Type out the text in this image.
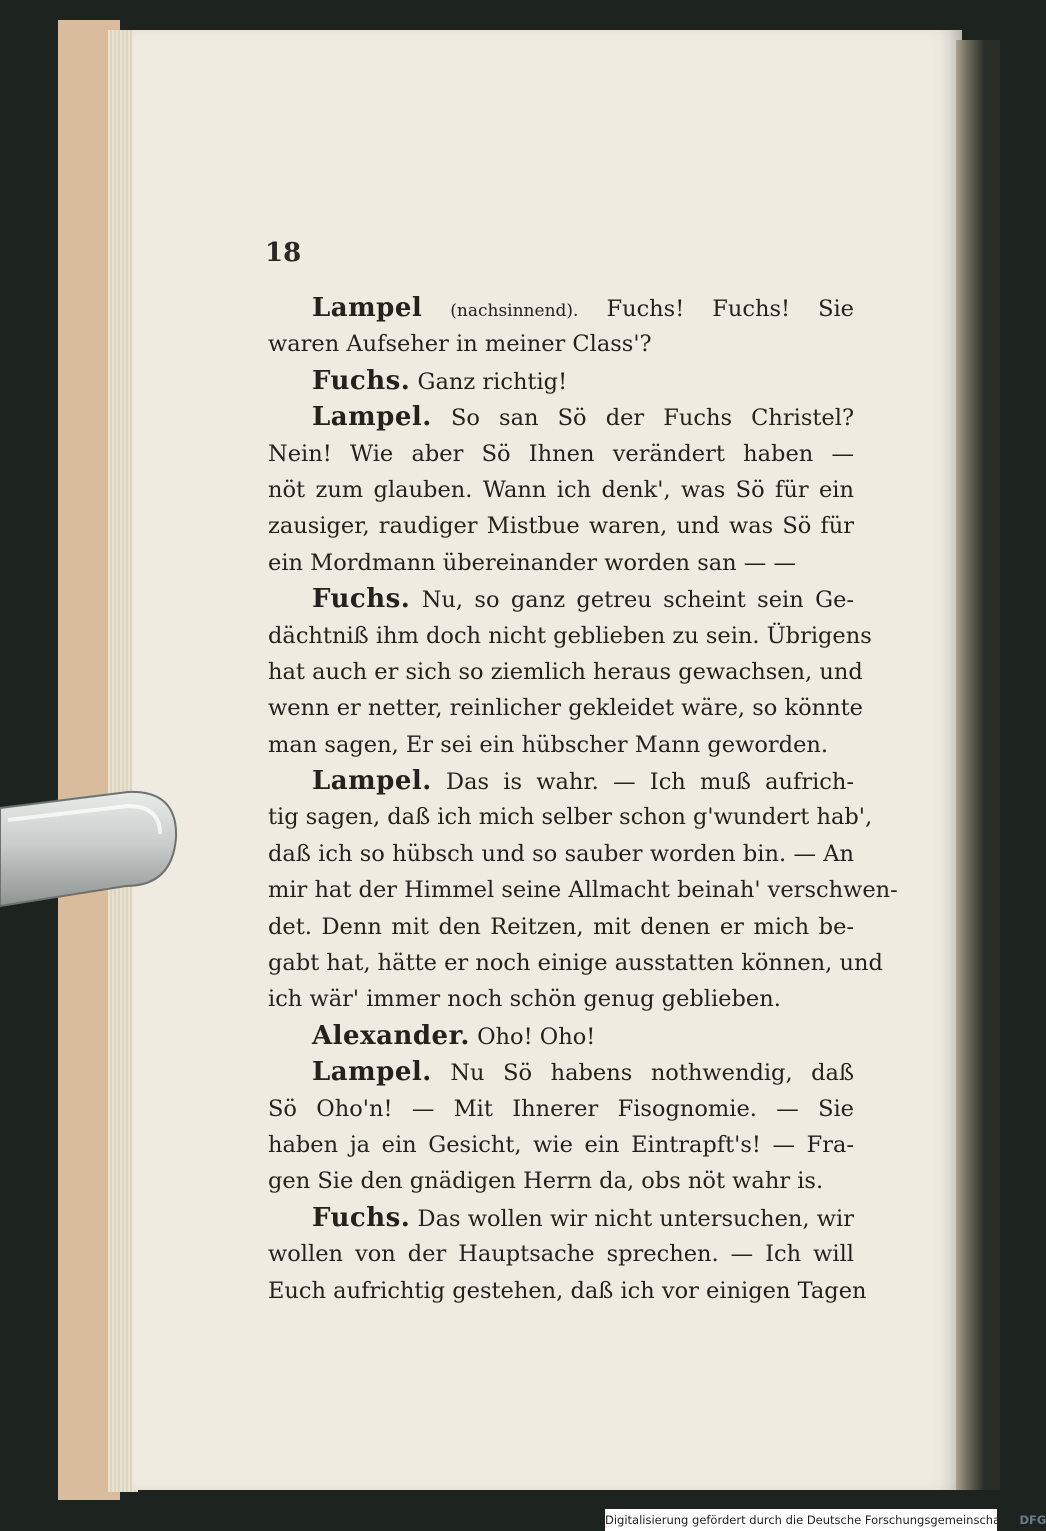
18
Lampel (nachsinnend). Fuchs! Fuchs! Sie
waren Aufseher in meiner Class'?
Fuchs. Ganz richtig!
Lampel. So san Sö der Fuchs Christel?
Nein! Wie aber Sö Ihnen verändert haben —
nöt zum glauben. Wann ich denk', was Sö für ein
zausiger, raudiger Mistbue waren, und was Sö für
ein Mordmann übereinander worden san — —
Fuchs. Nu, so ganz getreu scheint sein Ge-
dächtniß ihm doch nicht geblieben zu sein. Übrigens
hat auch er sich so ziemlich heraus gewachsen, und
wenn er netter, reinlicher gekleidet wäre, so könnte
man sagen, Er sei ein hübscher Mann geworden.
Lampel. Das is wahr. — Ich muß aufrich-
tig sagen, daß ich mich selber schon g'wundert hab',
daß ich so hübsch und so sauber worden bin. — An
mir hat der Himmel seine Allmacht beinah' verschwen-
det. Denn mit den Reitzen, mit denen er mich be-
gabt hat, hätte er noch einige ausstatten können, und
ich wär' immer noch schön genug geblieben.
Alexander. Oho! Oho!
Lampel. Nu Sö habens nothwendig, daß
Sö Oho'n! — Mit Ihnerer Fisognomie. — Sie
haben ja ein Gesicht, wie ein Eintrapft's! — Fra-
gen Sie den gnädigen Herrn da, obs nöt wahr is.
Fuchs. Das wollen wir nicht untersuchen, wir
wollen von der Hauptsache sprechen. — Ich will
Euch aufrichtig gestehen, daß ich vor einigen Tagen
Digitalisierung gefördert durch die Deutsche Forschungsgemeinschaft · DFG
